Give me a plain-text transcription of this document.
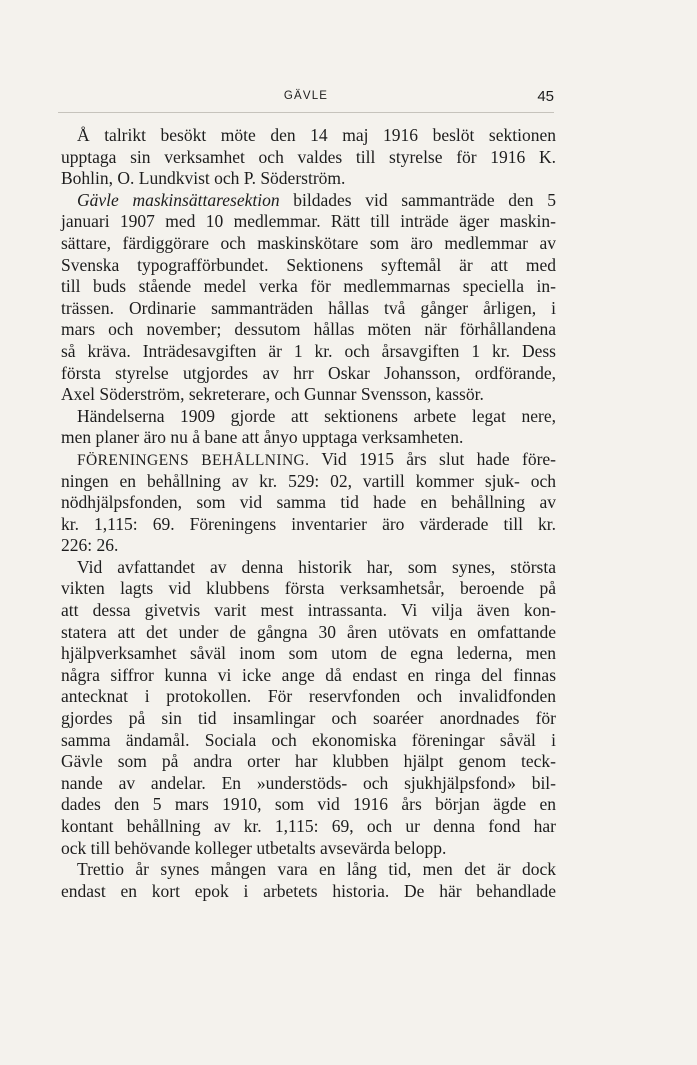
GÄVLE	45
Å talrikt besökt möte den 14 maj 1916 beslöt sektionen
upptaga sin verksamhet och valdes till styrelse för 1916 K.
Bohlin, O. Lundkvist och P. Söderström.
Gävle maskinsättaresektion bildades vid sammanträde den 5
januari 1907 med 10 medlemmar. Rätt till inträde äger maskin-
sättare, färdiggörare och maskinskötare som äro medlemmar av
Svenska typografförbundet. Sektionens syftemål är att med
till buds stående medel verka för medlemmarnas speciella in-
trässen. Ordinarie sammanträden hållas två gånger årligen, i
mars och november; dessutom hållas möten när förhållandena
så kräva. Inträdesavgiften är 1 kr. och årsavgiften 1 kr. Dess
första styrelse utgjordes av hrr Oskar Johansson, ordförande,
Axel Söderström, sekreterare, och Gunnar Svensson, kassör.
Händelserna 1909 gjorde att sektionens arbete legat nere,
men planer äro nu å bane att ånyo upptaga verksamheten.
FÖRENINGENS BEHÅLLNING. Vid 1915 års slut hade före-
ningen en behållning av kr. 529: 02, vartill kommer sjuk- och
nödhjälpsfonden, som vid samma tid hade en behållning av
kr. 1,115: 69. Föreningens inventarier äro värderade till kr.
226: 26.
Vid avfattandet av denna historik har, som synes, största
vikten lagts vid klubbens första verksamhetsår, beroende på
att dessa givetvis varit mest intrassanta. Vi vilja även kon-
statera att det under de gångna 30 åren utövats en omfattande
hjälpverksamhet såväl inom som utom de egna lederna, men
några siffror kunna vi icke ange då endast en ringa del finnas
antecknat i protokollen. För reservfonden och invalidfonden
gjordes på sin tid insamlingar och soaréer anordnades för
samma ändamål. Sociala och ekonomiska föreningar såväl i
Gävle som på andra orter har klubben hjälpt genom teck-
nande av andelar. En »understöds- och sjukhjälpsfond» bil-
dades den 5 mars 1910, som vid 1916 års början ägde en
kontant behållning av kr. 1,115: 69, och ur denna fond har
ock till behövande kolleger utbetalts avsevärda belopp.
Trettio år synes mången vara en lång tid, men det är dock
endast en kort epok i arbetets historia. De här behandlade
